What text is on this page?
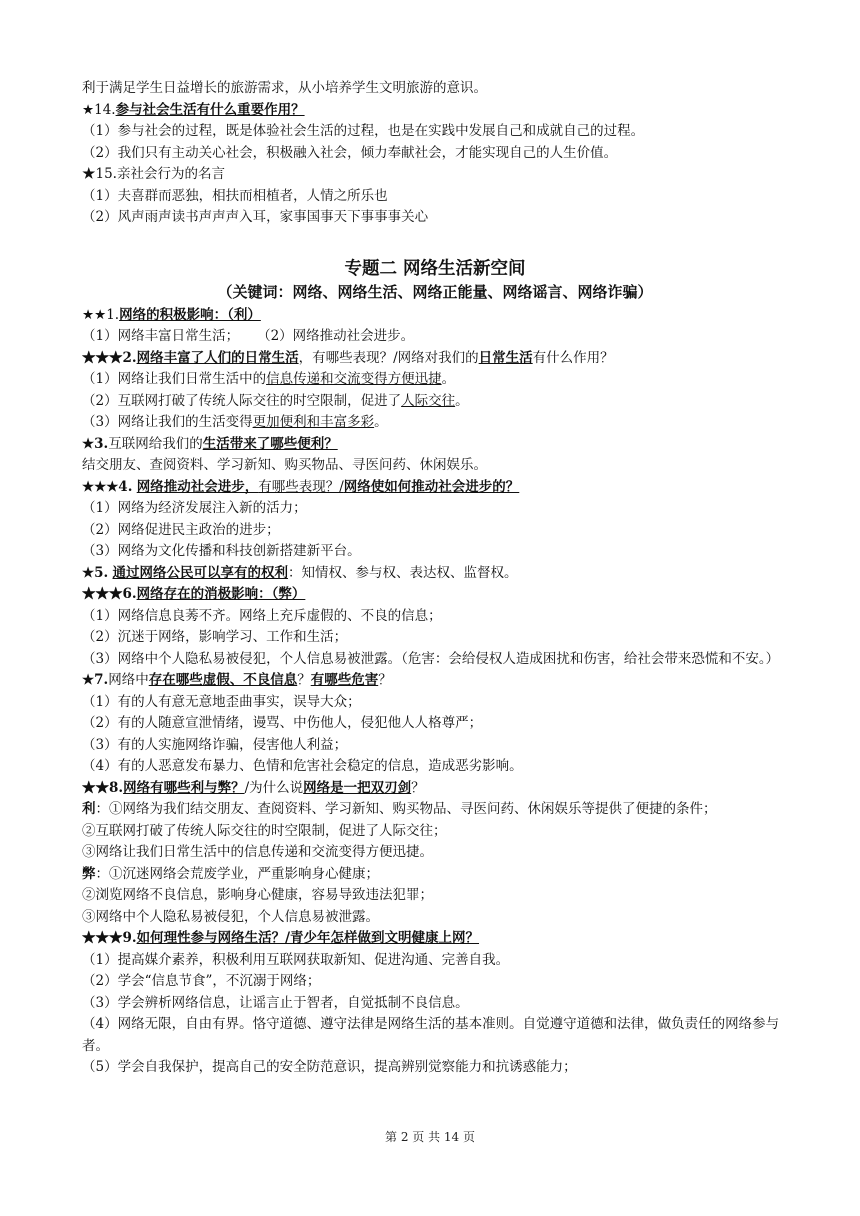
利于满足学生日益增长的旅游需求，从小培养学生文明旅游的意识。
★14.参与社会生活有什么重要作用？
（1）参与社会的过程，既是体验社会生活的过程，也是在实践中发展自己和成就自己的过程。
（2）我们只有主动关心社会，积极融入社会，倾力奉献社会，才能实现自己的人生价值。
★15.亲社会行为的名言
（1）夫喜群而恶独，相扶而相植者，人情之所乐也
（2）风声雨声读书声声声入耳，家事国事天下事事事关心
专题二 网络生活新空间
（关键词：网络、网络生活、网络正能量、网络谣言、网络诈骗）
★★1.网络的积极影响：（利）
（1）网络丰富日常生活； （2）网络推动社会进步。
★★★2.网络丰富了人们的日常生活，有哪些表现？/网络对我们的日常生活有什么作用？
（1）网络让我们日常生活中的信息传递和交流变得方便迅捷。
（2）互联网打破了传统人际交往的时空限制，促进了人际交往。
（3）网络让我们的生活变得更加便利和丰富多彩。
★3.互联网给我们的生活带来了哪些便利？
结交朋友、查阅资料、学习新知、购买物品、寻医问药、休闲娱乐。
★★★4. 网络推动社会进步，有哪些表现？/网络使如何推动社会进步的？
（1）网络为经济发展注入新的活力；
（2）网络促进民主政治的进步；
（3）网络为文化传播和科技创新搭建新平台。
★5. 通过网络公民可以享有的权利：知情权、参与权、表达权、监督权。
★★★6.网络存在的消极影响：（弊）
（1）网络信息良莠不齐。网络上充斥虚假的、不良的信息；
（2）沉迷于网络，影响学习、工作和生活；
（3）网络中个人隐私易被侵犯，个人信息易被泄露。（危害：会给侵权人造成困扰和伤害，给社会带来恐慌和不安。）
★7.网络中存在哪些虚假、不良信息？有哪些危害？
（1）有的人有意无意地歪曲事实，误导大众；
（2）有的人随意宣泄情绪，谩骂、中伤他人，侵犯他人人格尊严；
（3）有的人实施网络诈骗，侵害他人利益；
（4）有的人恶意发布暴力、色情和危害社会稳定的信息，造成恶劣影响。
★★8.网络有哪些利与弊？/为什么说网络是一把双刃剑？
利：①网络为我们结交朋友、查阅资料、学习新知、购买物品、寻医问药、休闲娱乐等提供了便捷的条件；
②互联网打破了传统人际交往的时空限制，促进了人际交往；
③网络让我们日常生活中的信息传递和交流变得方便迅捷。
弊：①沉迷网络会荒废学业，严重影响身心健康；
②浏览网络不良信息，影响身心健康，容易导致违法犯罪；
③网络中个人隐私易被侵犯，个人信息易被泄露。
★★★9.如何理性参与网络生活？/青少年怎样做到文明健康上网？
（1）提高媒介素养，积极利用互联网获取新知、促进沟通、完善自我。
（2）学会“信息节食”，不沉溺于网络；
（3）学会辨析网络信息，让谣言止于智者，自觉抵制不良信息。
（4）网络无限，自由有界。恪守道德、遵守法律是网络生活的基本准则。自觉遵守道德和法律，做负责任的网络参与者。
（5）学会自我保护，提高自己的安全防范意识，提高辨别觉察能力和抗诱惑能力；
第 2 页 共 14 页
